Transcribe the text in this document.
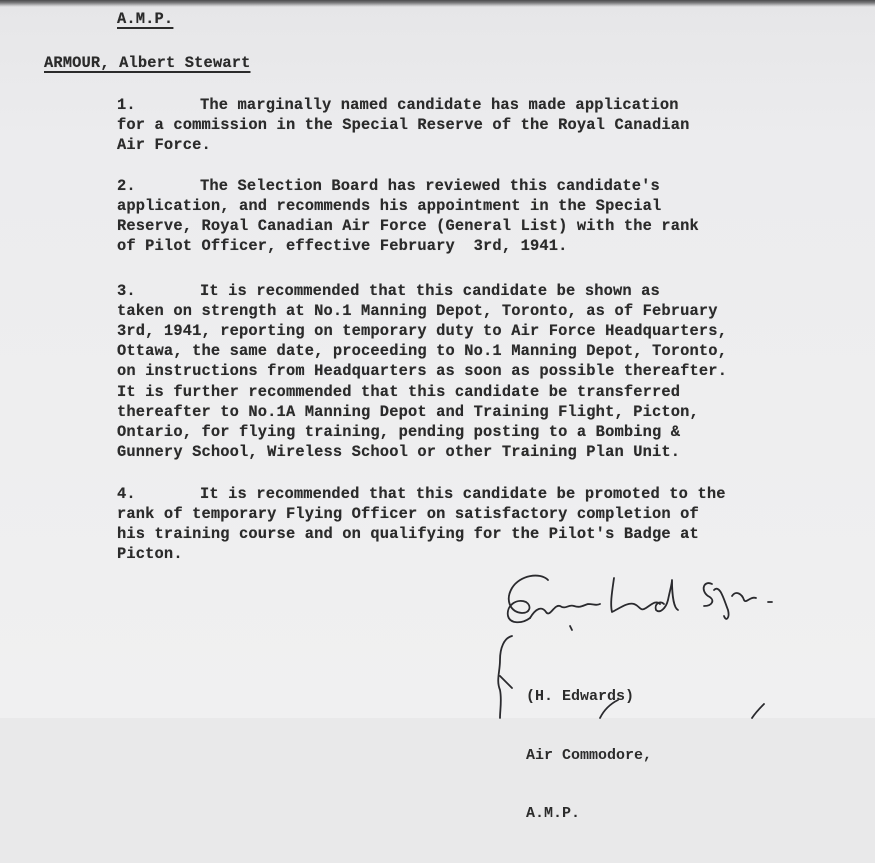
A.M.P.
ARMOUR, Albert Stewart
1.	The marginally named candidate has made application
for a commission in the Special Reserve of the Royal Canadian
Air Force.
2.	The Selection Board has reviewed this candidate's
application, and recommends his appointment in the Special
Reserve, Royal Canadian Air Force (General List) with the rank
of Pilot Officer, effective February  3rd, 1941.
3.	It is recommended that this candidate be shown as
taken on strength at No.1 Manning Depot, Toronto, as of February
3rd, 1941, reporting on temporary duty to Air Force Headquarters,
Ottawa, the same date, proceeding to No.1 Manning Depot, Toronto,
on instructions from Headquarters as soon as possible thereafter.
It is further recommended that this candidate be transferred
thereafter to No.1A Manning Depot and Training Flight, Picton,
Ontario, for flying training, pending posting to a Bombing &
Gunnery School, Wireless School or other Training Plan Unit.
4.	It is recommended that this candidate be promoted to the
rank of temporary Flying Officer on satisfactory completion of
his training course and on qualifying for the Pilot's Badge at
Picton.

(H. Edwards)

Air Commodore,

A.M.P.
